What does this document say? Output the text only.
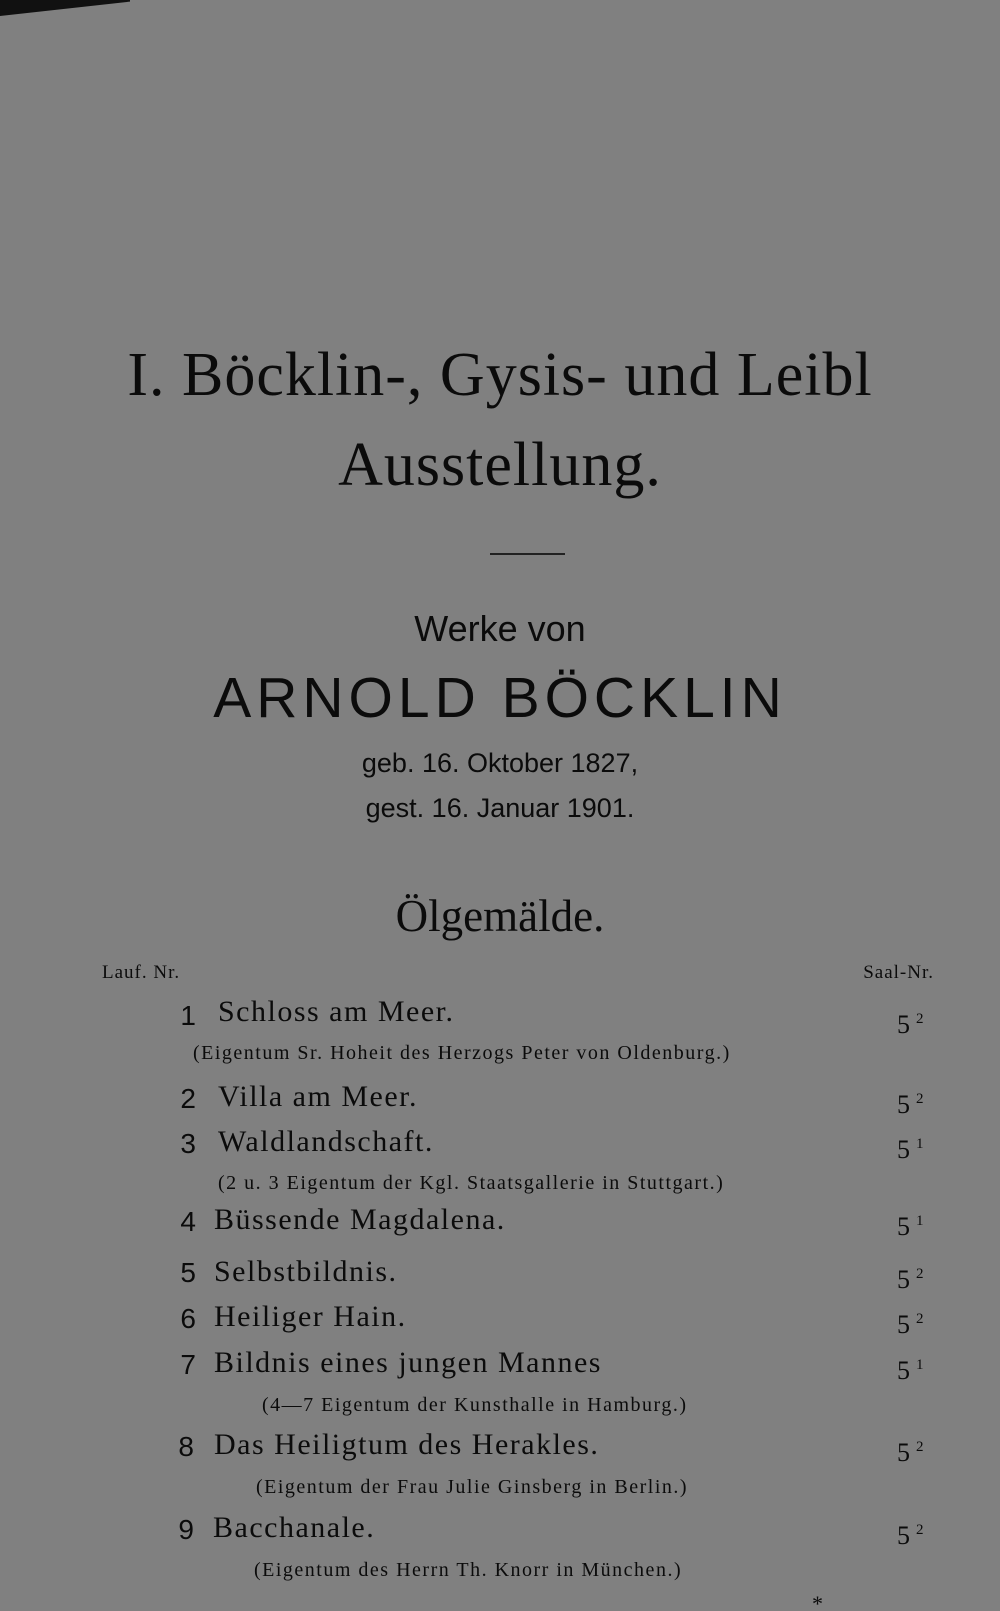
I. Böcklin-, Gysis- und Leibl
Ausstellung.
Werke von
ARNOLD BÖCKLIN
geb. 16. Oktober 1827,
gest. 16. Januar 1901.
Ölgemälde.
Lauf. Nr.	Saal-Nr.
1 Schloss am Meer.	5 $^2$
(Eigentum Sr. Hoheit des Herzogs Peter von Oldenburg.)
2 Villa am Meer.	5 $^2$
3 Waldlandschaft.	5 $^1$
(2 u. 3 Eigentum der Kgl. Staatsgallerie in Stuttgart.)
4 Büssende Magdalena.	5 $^1$
5 Selbstbildnis.	5 $^2$
6 Heiliger Hain.	5 $^2$
7 Bildnis eines jungen Mannes	5 $^1$
(4—7 Eigentum der Kunsthalle in Hamburg.)
8 Das Heiligtum des Herakles.	5 $^2$
(Eigentum der Frau Julie Ginsberg in Berlin.)
9 Bacchanale.	5 $^2$
(Eigentum des Herrn Th. Knorr in München.)
*
